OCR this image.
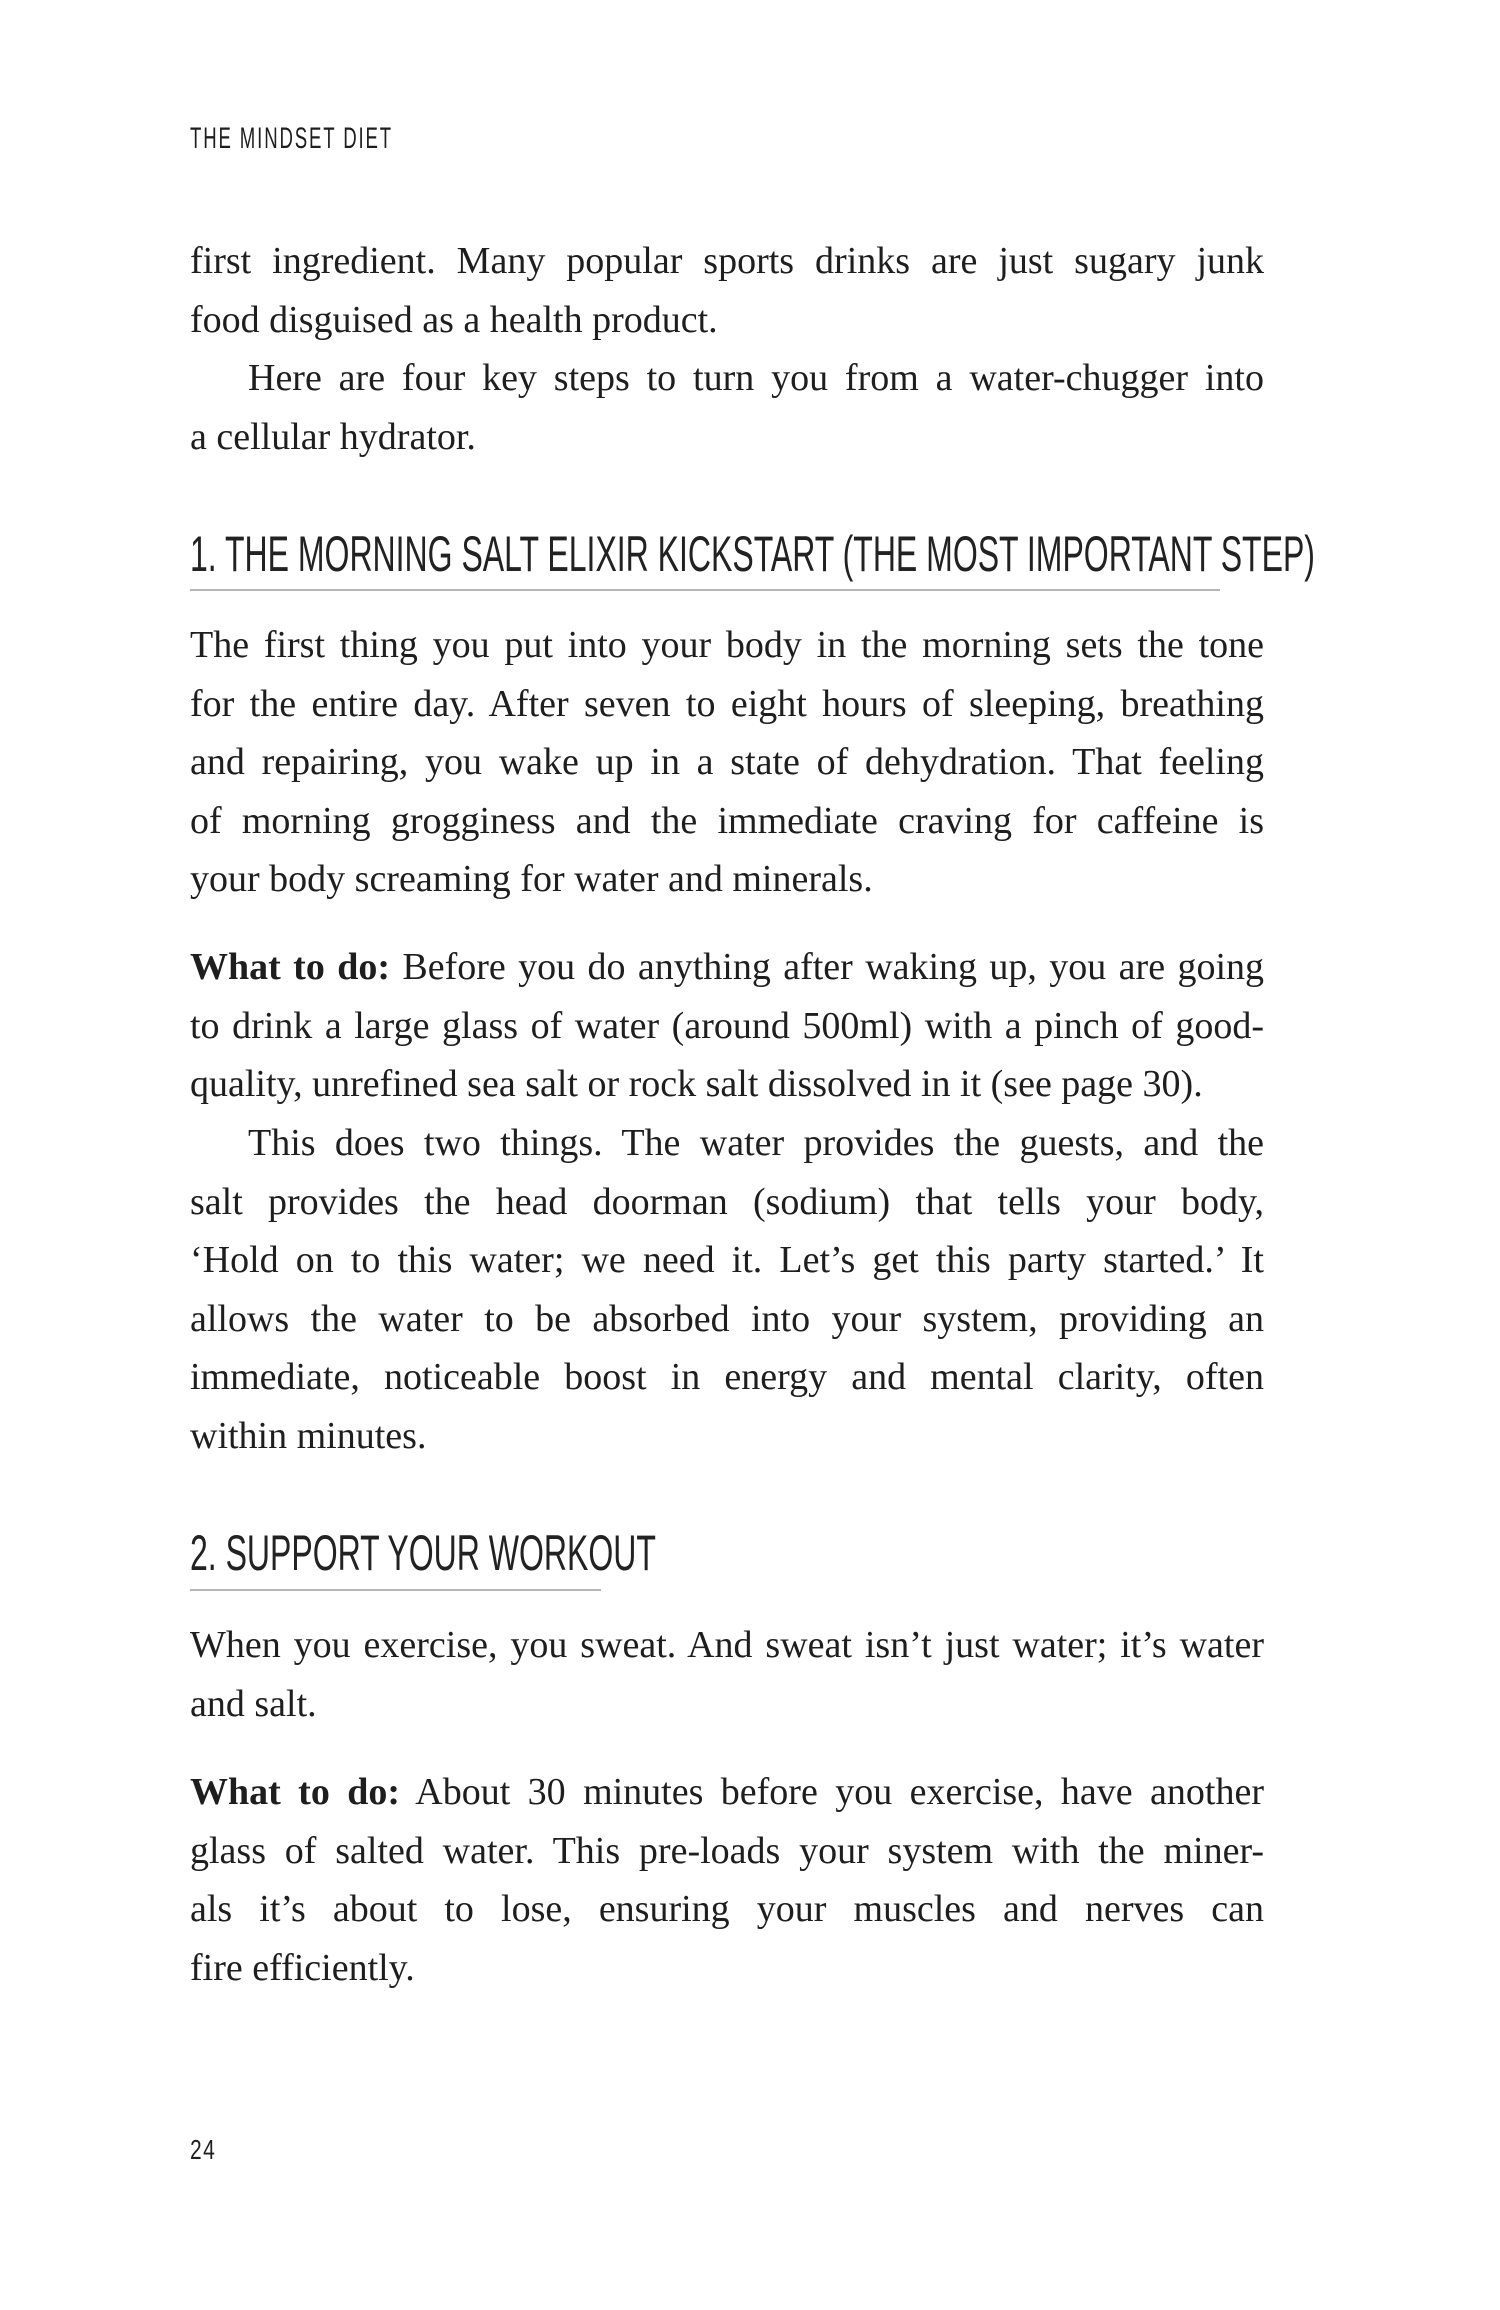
THE MINDSET DIET
first ingredient. Many popular sports drinks are just sugary junk
food disguised as a health product.
Here are four key steps to turn you from a water-chugger into
a cellular hydrator.
1. THE MORNING SALT ELIXIR KICKSTART (THE MOST IMPORTANT STEP)
The first thing you put into your body in the morning sets the tone
for the entire day. After seven to eight hours of sleeping, breathing
and repairing, you wake up in a state of dehydration. That feeling
of morning grogginess and the immediate craving for caffeine is
your body screaming for water and minerals.
What to do: Before you do anything after waking up, you are going
to drink a large glass of water (around 500ml) with a pinch of good-
quality, unrefined sea salt or rock salt dissolved in it (see page 30).
This does two things. The water provides the guests, and the
salt provides the head doorman (sodium) that tells your body,
‘Hold on to this water; we need it. Let’s get this party started.’ It
allows the water to be absorbed into your system, providing an
immediate, noticeable boost in energy and mental clarity, often
within minutes.
2. SUPPORT YOUR WORKOUT
When you exercise, you sweat. And sweat isn’t just water; it’s water
and salt.
What to do: About 30 minutes before you exercise, have another
glass of salted water. This pre-loads your system with the miner-
als it’s about to lose, ensuring your muscles and nerves can
fire efficiently.
24
